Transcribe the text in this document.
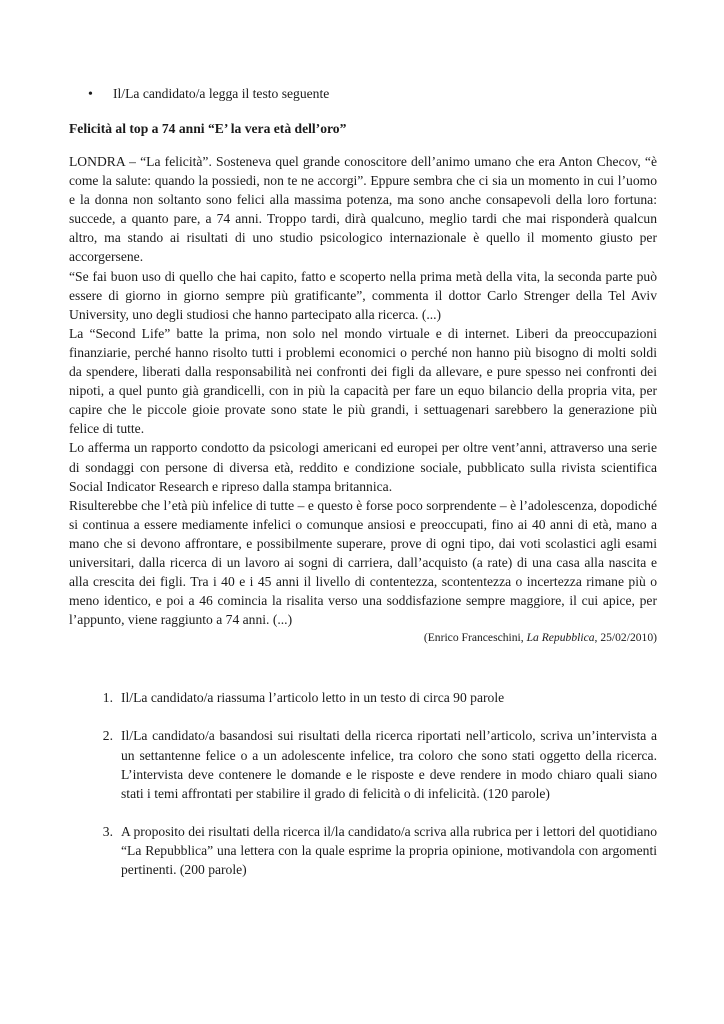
•	Il/La candidato/a legga il testo seguente
Felicità al top a 74 anni “E’ la vera età dell’oro”

LONDRA – “La felicità”. Sosteneva quel grande conoscitore dell’animo umano che era Anton Checov, “è come la salute: quando la possiedi, non te ne accorgi”. Eppure sembra che ci sia un momento in cui l’uomo e la donna non soltanto sono felici alla massima potenza, ma sono anche consapevoli della loro fortuna: succede, a quanto pare, a 74 anni. Troppo tardi, dirà qualcuno, meglio tardi che mai risponderà qualcun altro, ma stando ai risultati di uno studio psicologico internazionale è quello il momento giusto per accorgersene.

“Se fai buon uso di quello che hai capito, fatto e scoperto nella prima metà della vita, la seconda parte può essere di giorno in giorno sempre più gratificante”, commenta il dottor Carlo Strenger della Tel Aviv University, uno degli studiosi che hanno partecipato alla ricerca. (...)

La “Second Life” batte la prima, non solo nel mondo virtuale e di internet. Liberi da preoccupazioni finanziarie, perché hanno risolto tutti i problemi economici o perché non hanno più bisogno di molti soldi da spendere, liberati dalla responsabilità nei confronti dei figli da allevare, e pure spesso nei confronti dei nipoti, a quel punto già grandicelli, con in più la capacità per fare un equo bilancio della propria vita, per capire che le piccole gioie provate sono state le più grandi, i settuagenari sarebbero la generazione più felice di tutte.

Lo afferma un rapporto condotto da psicologi americani ed europei per oltre vent’anni, attraverso una serie di sondaggi con persone di diversa età, reddito e condizione sociale, pubblicato sulla rivista scientifica Social Indicator Research e ripreso dalla stampa britannica.

Risulterebbe che l’età più infelice di tutte – e questo è forse poco sorprendente – è l’adolescenza, dopodiché si continua a essere mediamente infelici o comunque ansiosi e preoccupati, fino ai 40 anni di età, mano a mano che si devono affrontare, e possibilmente superare, prove di ogni tipo, dai voti scolastici agli esami universitari, dalla ricerca di un lavoro ai sogni di carriera, dall’acquisto (a rate) di una casa alla nascita e alla crescita dei figli. Tra i 40 e i 45 anni il livello di contentezza, scontentezza o incertezza rimane più o meno identico, e poi a 46 comincia la risalita verso una soddisfazione sempre maggiore, il cui apice, per l’appunto, viene raggiunto a 74 anni. (...)

(Enrico Franceschini, La Repubblica, 25/02/2010)
1. Il/La candidato/a riassuma l’articolo letto in un testo di circa 90 parole
2. Il/La candidato/a basandosi sui risultati della ricerca riportati nell’articolo, scriva un’intervista a un settantenne felice o a un adolescente infelice, tra coloro che sono stati oggetto della ricerca. L’intervista deve contenere le domande e le risposte e deve rendere in modo chiaro quali siano stati i temi affrontati per stabilire il grado di felicità o di infelicità. (120 parole)
3. A proposito dei risultati della ricerca il/la candidato/a scriva alla rubrica per i lettori del quotidiano “La Repubblica” una lettera con la quale esprime la propria opinione, motivandola con argomenti pertinenti. (200 parole)
